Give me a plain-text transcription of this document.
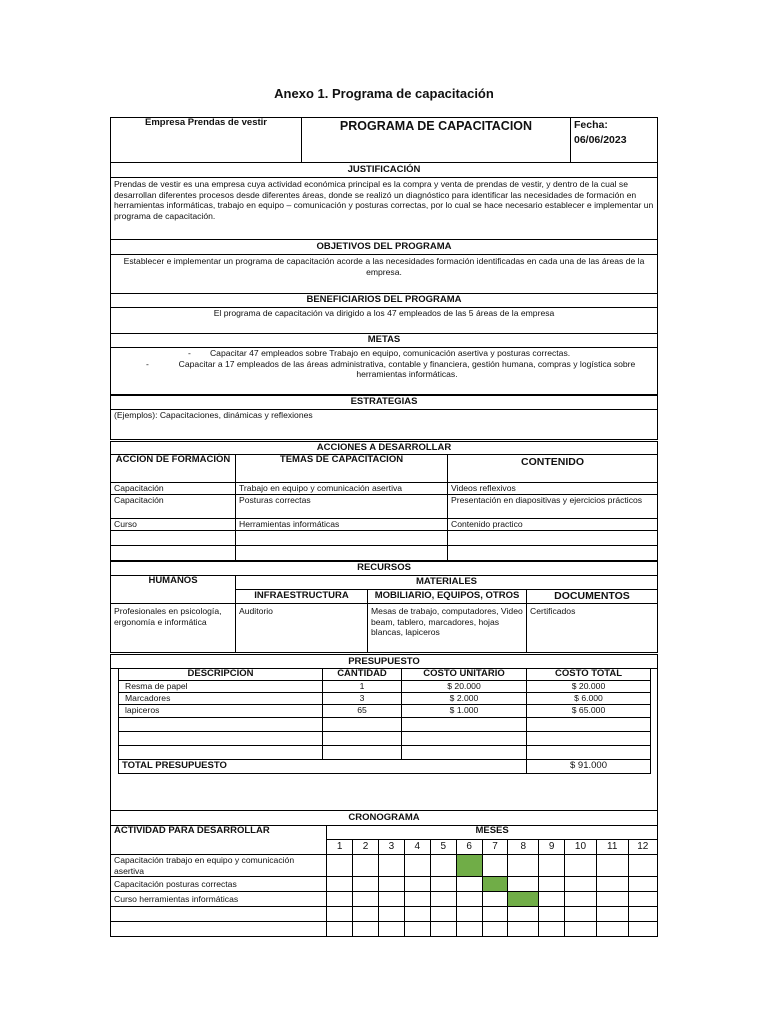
Anexo 1. Programa de capacitación
Empresa Prendas de vestir	PROGRAMA DE CAPACITACION	Fecha:
06/06/2023
JUSTIFICACIÓN
Prendas de vestir es una empresa cuya actividad económica principal es la compra y venta de prendas de vestir, y dentro de la cual se desarrollan diferentes procesos desde diferentes áreas, donde se realizó un diagnóstico para identificar las necesidades de formación en herramientas informáticas, trabajo en equipo – comunicación y posturas correctas, por lo cual se hace necesario establecer e implementar un programa de capacitación.
OBJETIVOS DEL PROGRAMA
Establecer e implementar un programa de capacitación acorde a las necesidades formación identificadas en cada una de las áreas de la empresa.
BENEFICIARIOS DEL PROGRAMA
El programa de capacitación va dirigido a los 47 empleados de las 5 áreas de la empresa
METAS

-        Capacitar 47 empleados sobre Trabajo en equipo, comunicación asertiva y posturas correctas.
-	Capacitar a 17 empleados de las áreas administrativa, contable y financiera, gestión humana, compras y logística sobre herramientas informáticas.
ESTRATEGIAS
(Ejemplos): Capacitaciones, dinámicas y reflexiones
ACCIONES A DESARROLLAR		
ACCION DE FORMACIÒN	TEMAS DE CAPACITACION	CONTENIDO
Capacitación	Trabajo en equipo y comunicación asertiva	Videos reflexivos
Capacitación	Posturas correctas	Presentación en diapositivas y ejercicios prácticos
Curso	Herramientas informáticas	Contenido practico

RECURSOS			
HUMANOS	MATERIALES		
	INFRAESTRUCTURA	MOBILIARIO, EQUIPOS, OTROS	DOCUMENTOS
Profesionales en psicología, ergonomía e informática	Auditorio	Mesas de trabajo, computadores, Video beam, tablero, marcadores, hojas blancas, lapiceros	Certificados
PRESUPUESTO
DESCRIPCION	CANTIDAD	COSTO UNITARIO	COSTO TOTAL
Resma de papel	1	$ 20.000	$ 20.000
Marcadores	3	$ 2.000	$ 6.000
lapiceros	65	$ 1.000	$ 65.000

TOTAL PRESUPUESTO			$ 91.000
CRONOGRAMA												
ACTIVIDAD PARA DESARROLLAR	MESES											
	1	2	3	4	5	6	7	8	9	10	11	12
Capacitación trabajo en equipo y comunicación asertiva												
Capacitación posturas correctas												
Curso herramientas informáticas												
